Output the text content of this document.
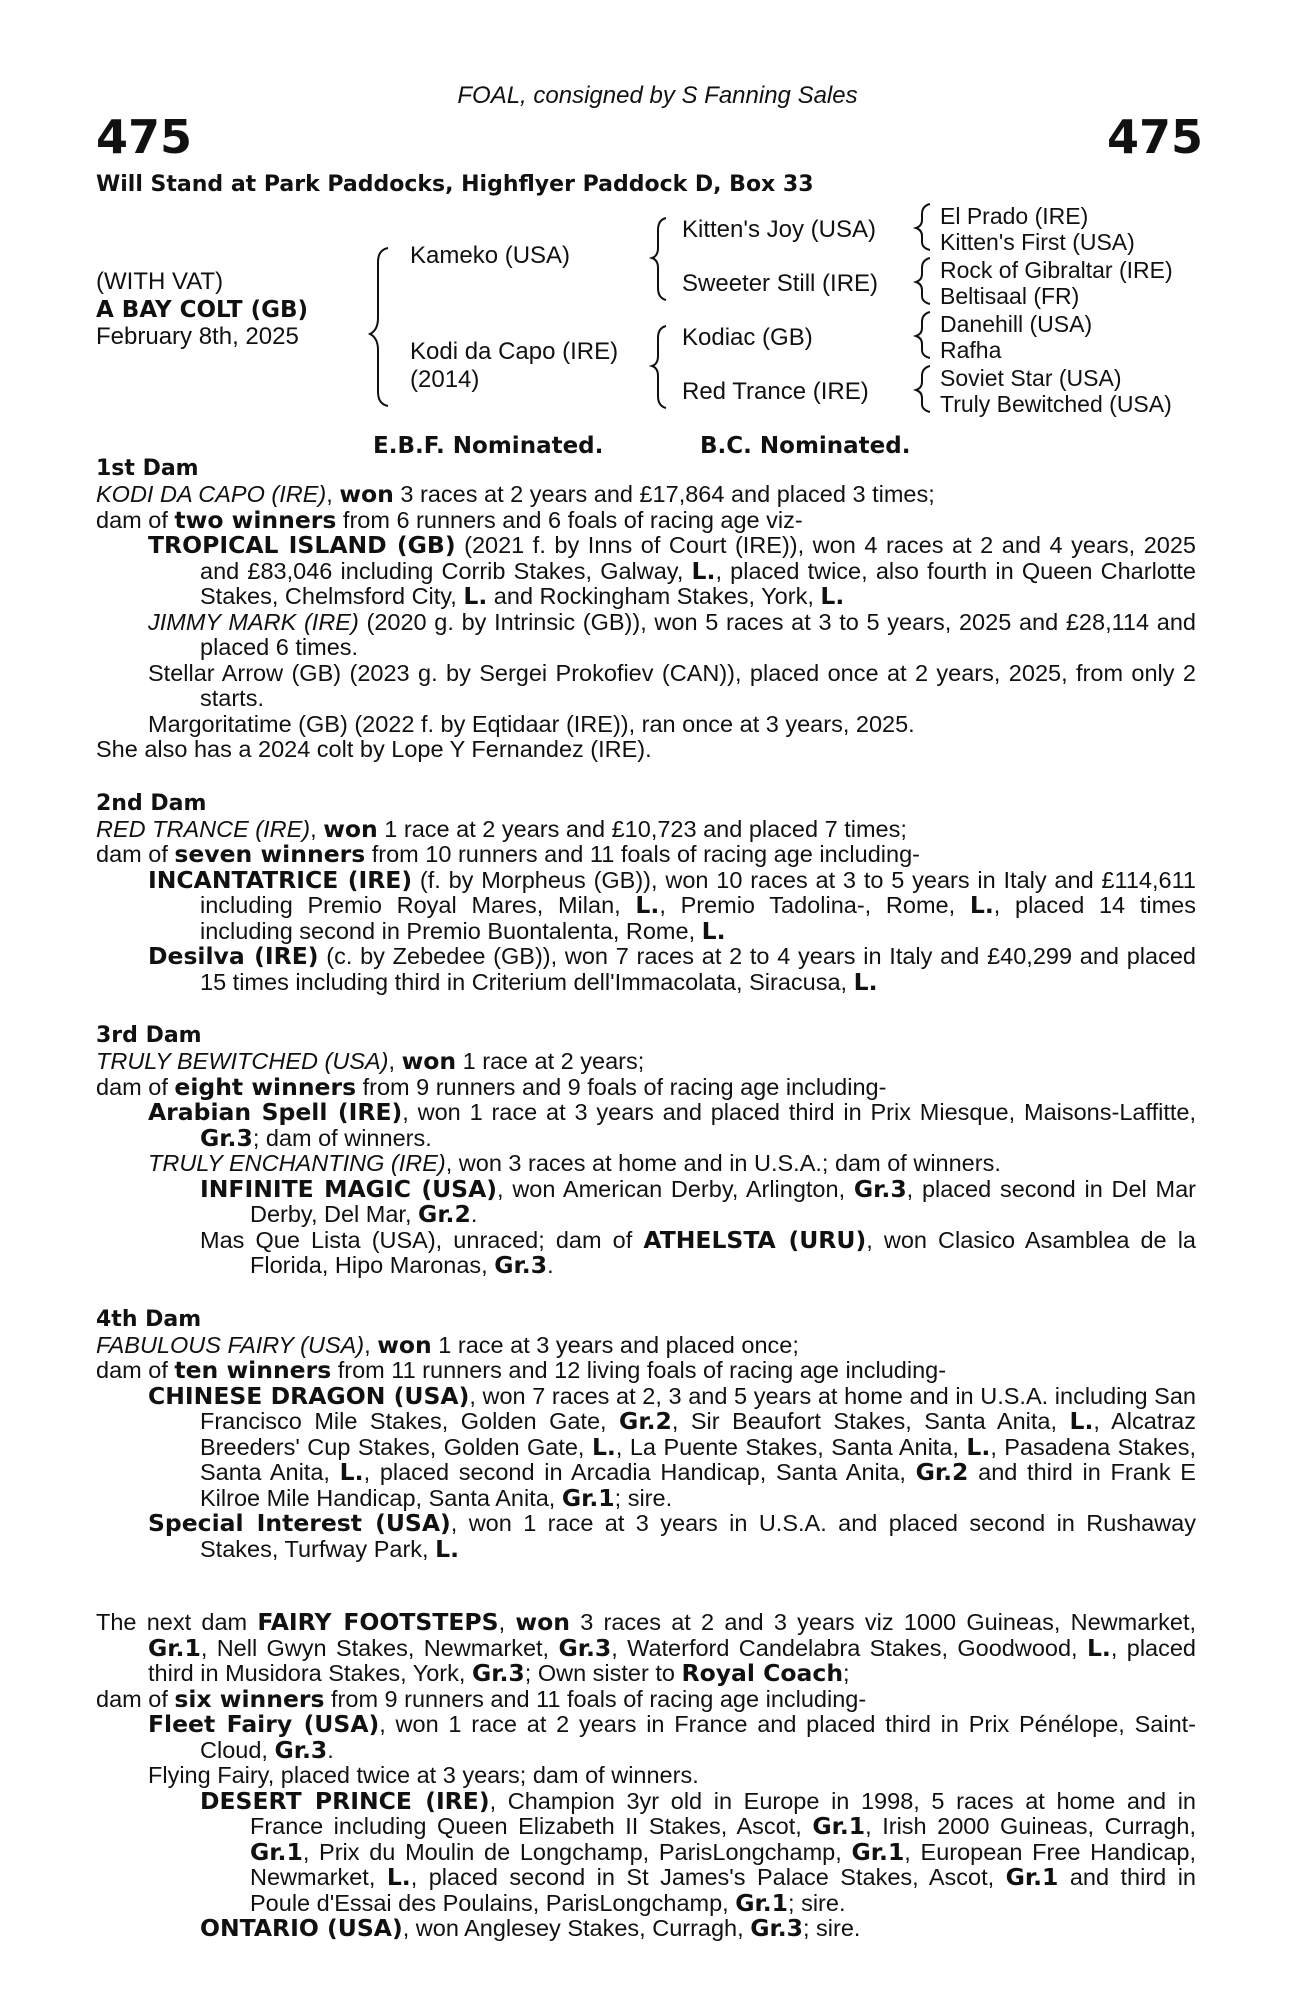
FOAL, consigned by S Fanning Sales
475	475
Will Stand at Park Paddocks, Highflyer Paddock D, Box 33
(WITH VAT)
A BAY COLT (GB)
February 8th, 2025
Kameko (USA)
Kodi da Capo (IRE)
(2014)
Kitten's Joy (USA)
Sweeter Still (IRE)
Kodiac (GB)
Red Trance (IRE)
El Prado (IRE)
Kitten's First (USA)
Rock of Gibraltar (IRE)
Beltisaal (FR)
Danehill (USA)
Rafha
Soviet Star (USA)
Truly Bewitched (USA)
E.B.F. Nominated.	B.C. Nominated.

1st Dam

KODI DA CAPO (IRE), won 3 races at 2 years and £17,864 and placed 3 times;

dam of two winners from 6 runners and 6 foals of racing age viz-

TROPICAL ISLAND (GB) (2021 f. by Inns of Court (IRE)), won 4 races at 2 and 4 years, 2025 and £83,046 including Corrib Stakes, Galway, L., placed twice, also fourth in Queen Charlotte Stakes, Chelmsford City, L. and Rockingham Stakes, York, L.

JIMMY MARK (IRE) (2020 g. by Intrinsic (GB)), won 5 races at 3 to 5 years, 2025 and £28,114 and placed 6 times.

Stellar Arrow (GB) (2023 g. by Sergei Prokofiev (CAN)), placed once at 2 years, 2025, from only 2 starts.

Margoritatime (GB) (2022 f. by Eqtidaar (IRE)), ran once at 3 years, 2025.

She also has a 2024 colt by Lope Y Fernandez (IRE).

2nd Dam

RED TRANCE (IRE), won 1 race at 2 years and £10,723 and placed 7 times;

dam of seven winners from 10 runners and 11 foals of racing age including-

INCANTATRICE (IRE) (f. by Morpheus (GB)), won 10 races at 3 to 5 years in Italy and £114,611 including Premio Royal Mares, Milan, L., Premio Tadolina-, Rome, L., placed 14 times including second in Premio Buontalenta, Rome, L.

Desilva (IRE) (c. by Zebedee (GB)), won 7 races at 2 to 4 years in Italy and £40,299 and placed 15 times including third in Criterium dell'Immacolata, Siracusa, L.

3rd Dam

TRULY BEWITCHED (USA), won 1 race at 2 years;

dam of eight winners from 9 runners and 9 foals of racing age including-

Arabian Spell (IRE), won 1 race at 3 years and placed third in Prix Miesque, Maisons-Laffitte, Gr.3; dam of winners.

TRULY ENCHANTING (IRE), won 3 races at home and in U.S.A.; dam of winners.

INFINITE MAGIC (USA), won American Derby, Arlington, Gr.3, placed second in Del Mar Derby, Del Mar, Gr.2.

Mas Que Lista (USA), unraced; dam of ATHELSTA (URU), won Clasico Asamblea de la Florida, Hipo Maronas, Gr.3.

4th Dam

FABULOUS FAIRY (USA), won 1 race at 3 years and placed once;

dam of ten winners from 11 runners and 12 living foals of racing age including-

CHINESE DRAGON (USA), won 7 races at 2, 3 and 5 years at home and in U.S.A. including San Francisco Mile Stakes, Golden Gate, Gr.2, Sir Beaufort Stakes, Santa Anita, L., Alcatraz Breeders' Cup Stakes, Golden Gate, L., La Puente Stakes, Santa Anita, L., Pasadena Stakes, Santa Anita, L., placed second in Arcadia Handicap, Santa Anita, Gr.2 and third in Frank E Kilroe Mile Handicap, Santa Anita, Gr.1; sire.

Special Interest (USA), won 1 race at 3 years in U.S.A. and placed second in Rushaway Stakes, Turfway Park, L.

The next dam FAIRY FOOTSTEPS, won 3 races at 2 and 3 years viz 1000 Guineas, Newmarket, Gr.1, Nell Gwyn Stakes, Newmarket, Gr.3, Waterford Candelabra Stakes, Goodwood, L., placed third in Musidora Stakes, York, Gr.3; Own sister to Royal Coach;

dam of six winners from 9 runners and 11 foals of racing age including-

Fleet Fairy (USA), won 1 race at 2 years in France and placed third in Prix Pénélope, Saint-Cloud, Gr.3.

Flying Fairy, placed twice at 3 years; dam of winners.

DESERT PRINCE (IRE), Champion 3yr old in Europe in 1998, 5 races at home and in France including Queen Elizabeth II Stakes, Ascot, Gr.1, Irish 2000 Guineas, Curragh, Gr.1, Prix du Moulin de Longchamp, ParisLongchamp, Gr.1, European Free Handicap, Newmarket, L., placed second in St James's Palace Stakes, Ascot, Gr.1 and third in Poule d'Essai des Poulains, ParisLongchamp, Gr.1; sire.

ONTARIO (USA), won Anglesey Stakes, Curragh, Gr.3; sire.
